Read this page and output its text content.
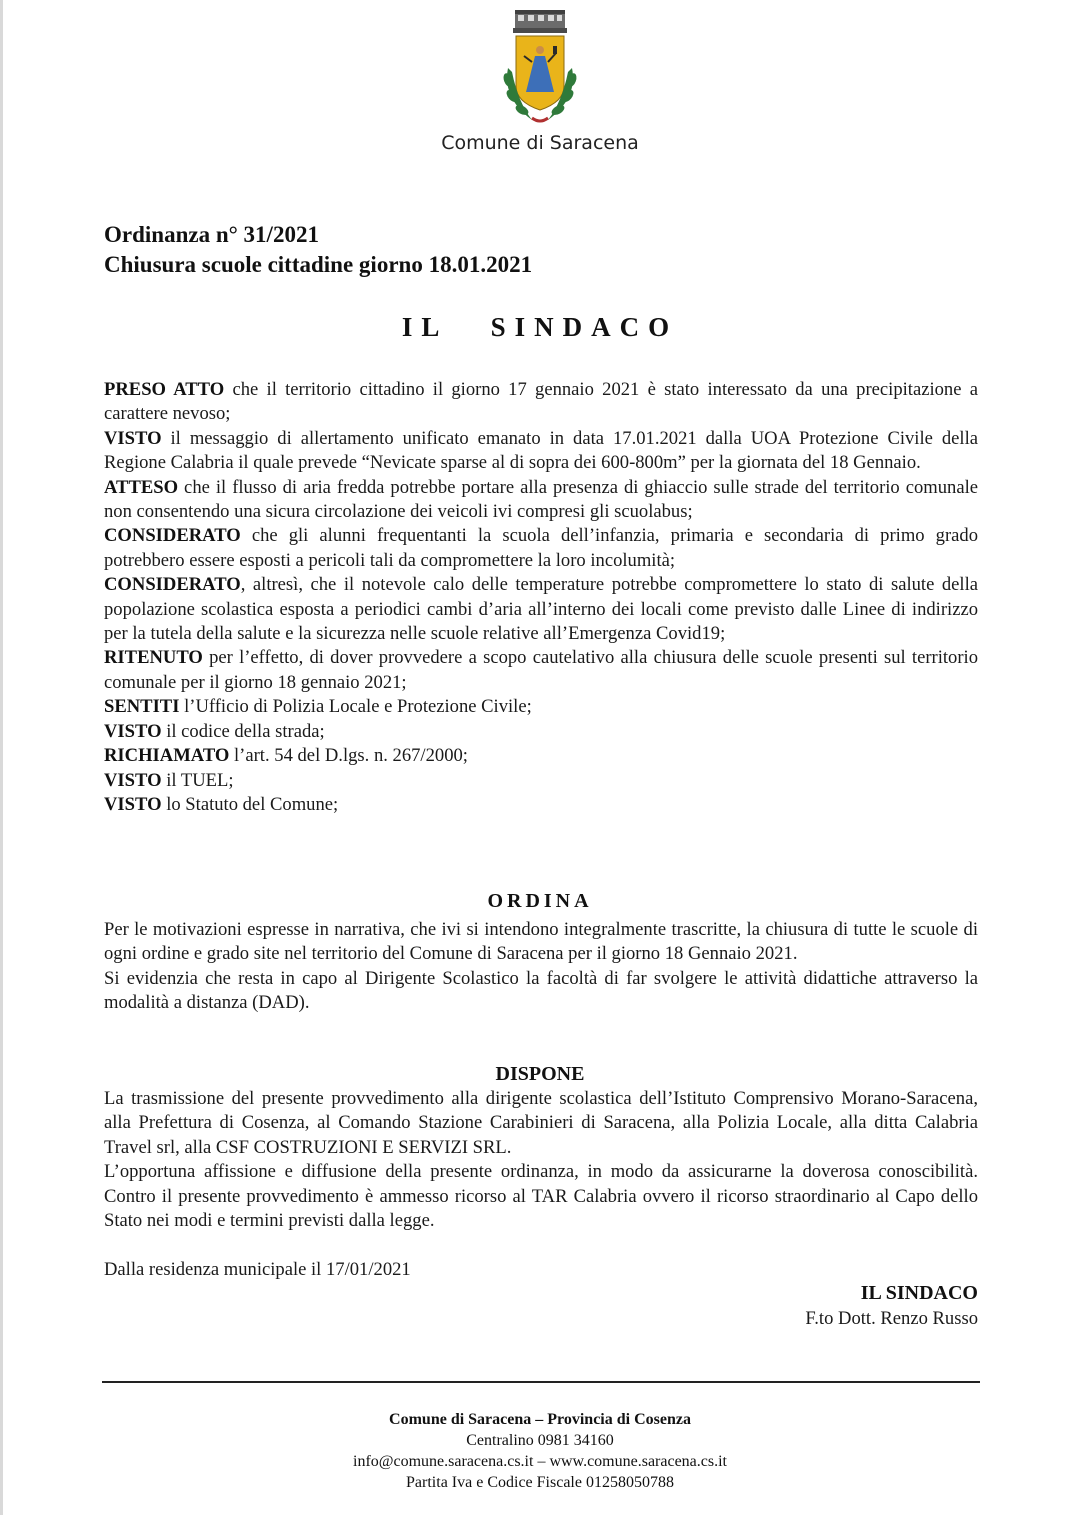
Comune di Saracena
Ordinanza n° 31/2021
Chiusura scuole cittadine giorno 18.01.2021
IL SINDACO

PRESO ATTO che il territorio cittadino il giorno 17 gennaio 2021 è stato interessato da una precipitazione a carattere nevoso;

VISTO il messaggio di allertamento unificato emanato in data 17.01.2021 dalla UOA Protezione Civile della Regione Calabria il quale prevede “Nevicate sparse al di sopra dei 600-800m” per la giornata del 18 Gennaio.

ATTESO che il flusso di aria fredda potrebbe portare alla presenza di ghiaccio sulle strade del territorio comunale non consentendo una sicura circolazione dei veicoli ivi compresi gli scuolabus;

CONSIDERATO che gli alunni frequentanti la scuola dell’infanzia, primaria e secondaria di primo grado potrebbero essere esposti a pericoli tali da compromettere la loro incolumità;

CONSIDERATO, altresì, che il notevole calo delle temperature potrebbe compromettere lo stato di salute della popolazione scolastica esposta a periodici cambi d’aria all’interno dei locali come previsto dalle Linee di indirizzo per la tutela della salute e la sicurezza nelle scuole relative all’Emergenza Covid19;

RITENUTO per l’effetto, di dover provvedere a scopo cautelativo alla chiusura delle scuole presenti sul territorio comunale per il giorno 18 gennaio 2021;

SENTITI l’Ufficio di Polizia Locale e Protezione Civile;

VISTO il codice della strada;

RICHIAMATO l’art. 54 del D.lgs. n. 267/2000;

VISTO il TUEL;

VISTO lo Statuto del Comune;

ORDINA

Per le motivazioni espresse in narrativa, che ivi si intendono integralmente trascritte, la chiusura di tutte le scuole di ogni ordine e grado site nel territorio del Comune di Saracena per il giorno 18 Gennaio 2021.

Si evidenzia che resta in capo al Dirigente Scolastico la facoltà di far svolgere le attività didattiche attraverso la modalità a distanza (DAD).

DISPONE

La trasmissione del presente provvedimento alla dirigente scolastica dell’Istituto Comprensivo Morano-Saracena, alla Prefettura di Cosenza, al Comando Stazione Carabinieri di Saracena, alla Polizia Locale, alla ditta Calabria Travel srl, alla CSF COSTRUZIONI E SERVIZI SRL.

L’opportuna affissione e diffusione della presente ordinanza, in modo da assicurarne la doverosa conoscibilità. Contro il presente provvedimento è ammesso ricorso al TAR Calabria ovvero il ricorso straordinario al Capo dello Stato nei modi e termini previsti dalla legge.

Dalla residenza municipale il 17/01/2021
IL SINDACO
F.to Dott. Renzo Russo
Comune di Saracena – Provincia di Cosenza
Centralino 0981 34160
info@comune.saracena.cs.it – www.comune.saracena.cs.it
Partita Iva e Codice Fiscale 01258050788
